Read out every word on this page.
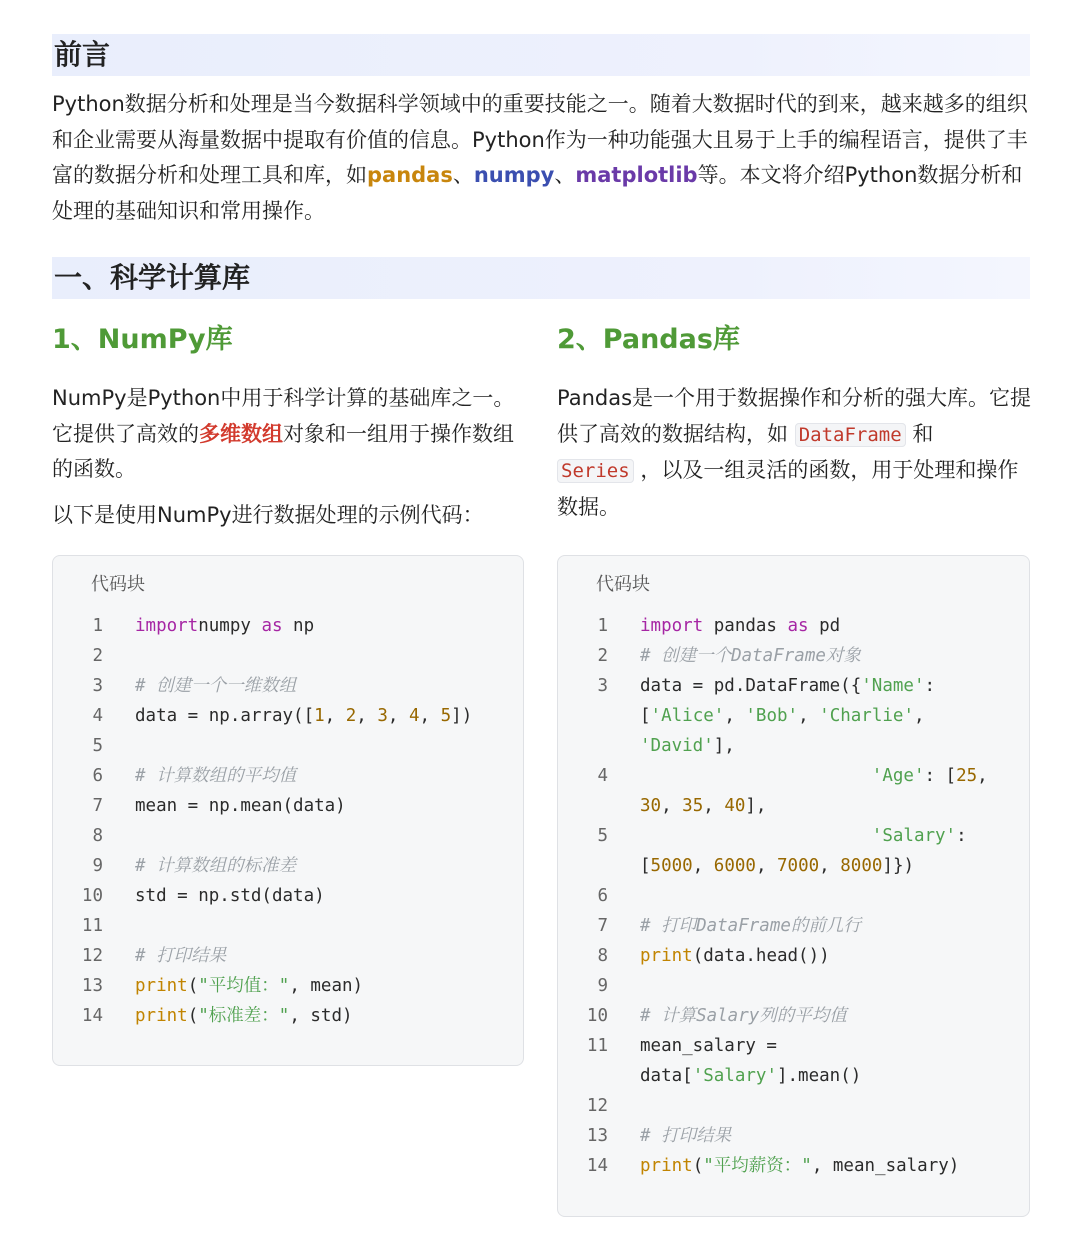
前言
Python数据分析和处理是当今数据科学领域中的重要技能之一。随着大数据时代的到来，越来越多的组织和企业需要从海量数据中提取有价值的信息。Python作为一种功能强大且易于上手的编程语言，提供了丰富的数据分析和处理工具和库，如pandas、numpy、matplotlib等。本文将介绍Python数据分析和处理的基础知识和常用操作。
一、科学计算库
1、NumPy库
NumPy是Python中用于科学计算的基础库之一。它提供了高效的多维数组对象和一组用于操作数组的函数。
以下是使用NumPy进行数据处理的示例代码：
代码块
1	importnumpy as np
2
3	# 创建一个一维数组
4	data = np.array([1, 2, 3, 4, 5])
5
6	# 计算数组的平均值
7	mean = np.mean(data)
8
9	# 计算数组的标准差
10	std = np.std(data)
11
12	# 打印结果
13	print("平均值：", mean)
14	print("标准差：", std)
2、Pandas库
Pandas是一个用于数据操作和分析的强大库。它提供了高效的数据结构，如 DataFrame 和
Series ，以及一组灵活的函数，用于处理和操作数据。
代码块
1	import pandas as pd
2	# 创建一个DataFrame对象
3	data = pd.DataFrame({'Name':
['Alice', 'Bob', 'Charlie',
'David'],
4	'Age': [25,
30, 35, 40],
5	'Salary':
[5000, 6000, 7000, 8000]})
6
7	# 打印DataFrame的前几行
8	print(data.head())
9
10	# 计算Salary列的平均值
11	mean_salary =
data['Salary'].mean()
12
13	# 打印结果
14	print("平均薪资：", mean_salary)
